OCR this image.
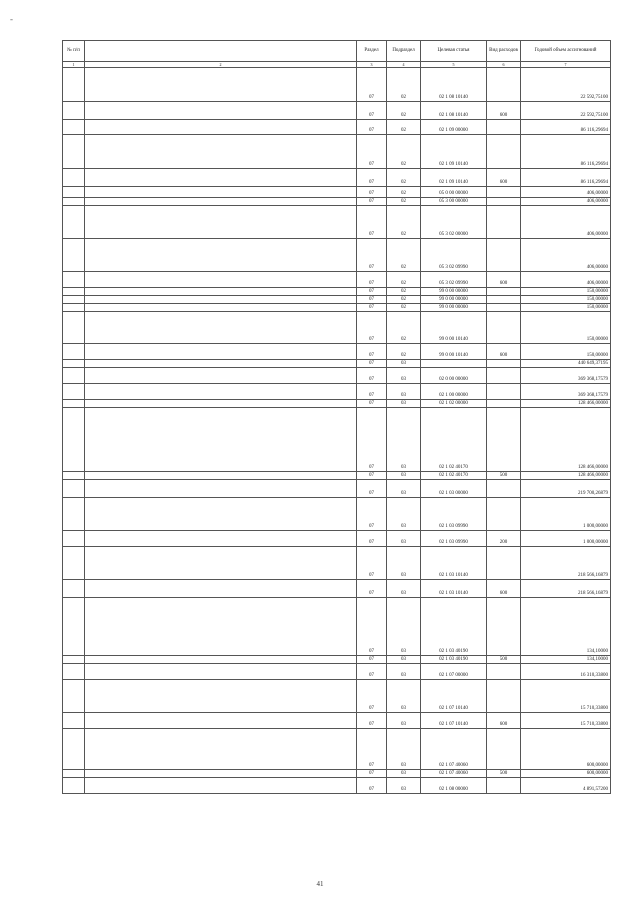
-
№ п/п		Раздел	Подраздел	Целевая статья	Вид расходов	Годовой объем ассигнований
1	2	3	4	5	6	7
		07	02	02 1 08 10140		22 592,75100
		07	02	02 1 08 10140	600	22 592,75100
		07	02	02 1 09 00000		86 116,29694
		07	02	02 1 09 10140		86 116,29694
		07	02	02 1 09 10140	600	86 116,29694
		07	02	05 0 00 00000		406,00000
		07	02	05 3 00 00000		406,00000
		07	02	05 3 02 00000		406,00000
		07	02	05 3 02 09990		406,00000
		07	02	05 3 02 09990	600	406,00000
		07	02	99 0 00 00000		150,00000
		07	02	99 0 00 00000		150,00000
		07	02	99 0 00 00000		150,00000
		07	02	99 0 00 10140		150,00000
		07	02	99 0 00 10140	600	150,00000
		07	03			440 649,37195
		07	03	02 0 00 00000		369 368,17579
		07	03	02 1 00 00000		369 368,17579
		07	03	02 1 02 00000		128 466,00000
		07	03	02 1 02 40170		128 466,00000
		07	03	02 1 02 40170	500	128 466,00000
		07	03	02 1 03 00000		219 700,26879
		07	03	02 1 03 09990		1 000,00000
		07	03	02 1 03 09990	200	1 000,00000
		07	03	02 1 03 10140		218 566,16879
		07	03	02 1 03 10140	600	218 566,16879
		07	03	02 1 03 40190		134,10000
		07	03	02 1 03 40190	500	134,10000
		07	03	02 1 07 00000		16 310,33800
		07	03	02 1 07 10140		15 710,33800
		07	03	02 1 07 10140	600	15 710,33800
		07	03	02 1 07 40060		600,00000
		07	03	02 1 07 40060	500	600,00000
		07	03	02 1 08 00000		4 891,57200
41
